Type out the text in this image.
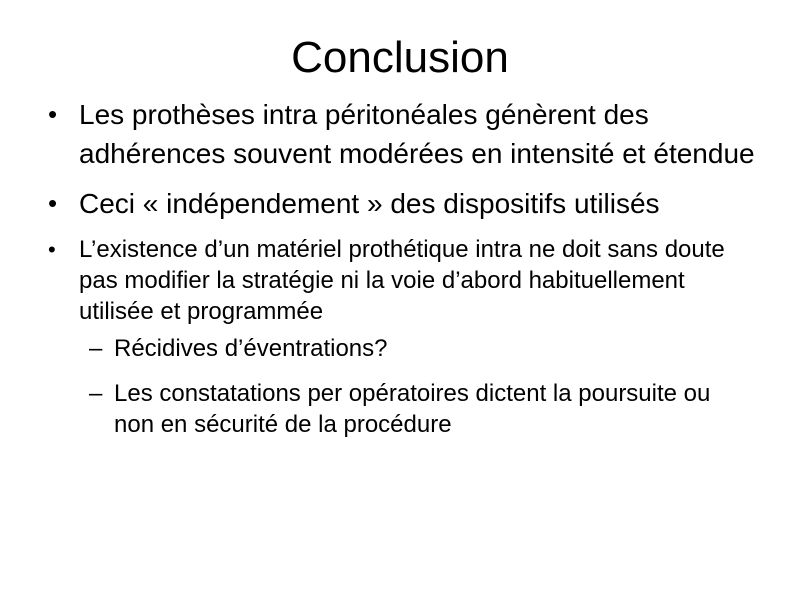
Conclusion
• Les prothèses intra péritonéales génèrent des adhérences souvent modérées en intensité et étendue
• Ceci « indépendement » des dispositifs utilisés
• L’existence d’un matériel prothétique intra ne doit sans doute pas modifier la stratégie ni la voie d’abord habituellement utilisée et programmée
– Récidives d’éventrations?
– Les constatations per opératoires dictent la poursuite ou non en sécurité de la procédure
